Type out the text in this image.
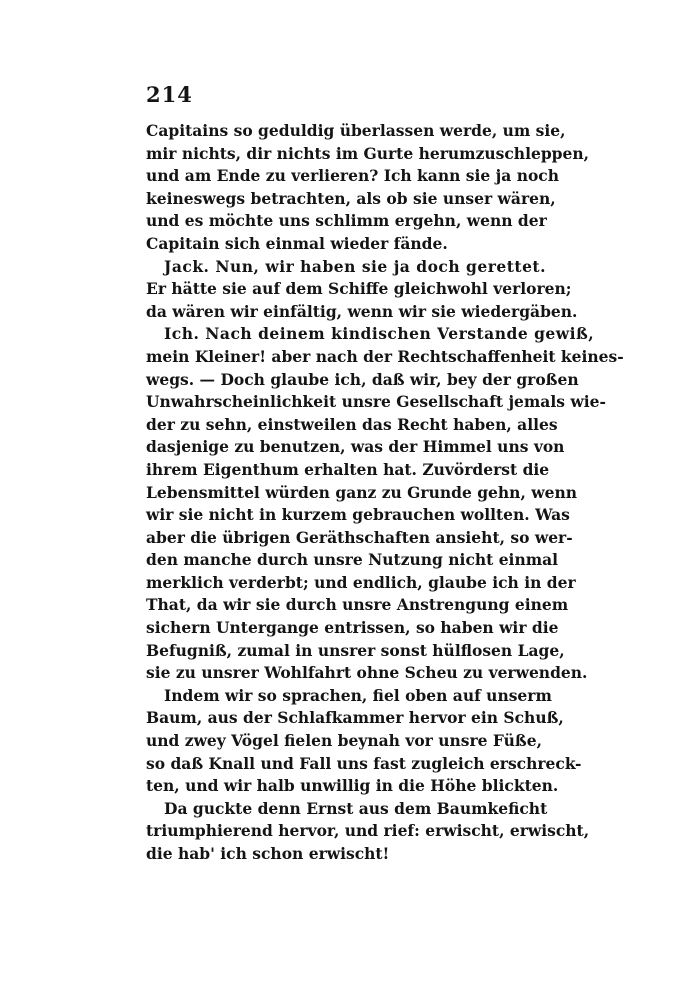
214
Capitains so geduldig überlassen werde, um sie,
mir nichts, dir nichts im Gurte herumzuschleppen,
und am Ende zu verlieren? Ich kann sie ja noch
keineswegs betrachten, als ob sie unser wären,
und es möchte uns schlimm ergehn, wenn der
Capitain sich einmal wieder fände.
Jack. Nun, wir haben sie ja doch gerettet.
Er hätte sie auf dem Schiffe gleichwohl verloren;
da wären wir einfältig, wenn wir sie wiedergäben.
Ich. Nach deinem kindischen Verstande gewiß,
mein Kleiner! aber nach der Rechtschaffenheit keines-
wegs. — Doch glaube ich, daß wir, bey der großen
Unwahrscheinlichkeit unsre Gesellschaft jemals wie-
der zu sehn, einstweilen das Recht haben, alles
dasjenige zu benutzen, was der Himmel uns von
ihrem Eigenthum erhalten hat. Zuvörderst die
Lebensmittel würden ganz zu Grunde gehn, wenn
wir sie nicht in kurzem gebrauchen wollten. Was
aber die übrigen Geräthschaften ansieht, so wer-
den manche durch unsre Nutzung nicht einmal
merklich verderbt; und endlich, glaube ich in der
That, da wir sie durch unsre Anstrengung einem
sichern Untergange entrissen, so haben wir die
Befugniß, zumal in unsrer sonst hülflosen Lage,
sie zu unsrer Wohlfahrt ohne Scheu zu verwenden.
Indem wir so sprachen, fiel oben auf unserm
Baum, aus der Schlafkammer hervor ein Schuß,
und zwey Vögel fielen beynah vor unsre Füße,
so daß Knall und Fall uns fast zugleich erschreck-
ten, und wir halb unwillig in die Höhe blickten.
Da guckte denn Ernst aus dem Baumkeficht
triumphierend hervor, und rief: erwischt, erwischt,
die hab' ich schon erwischt!
